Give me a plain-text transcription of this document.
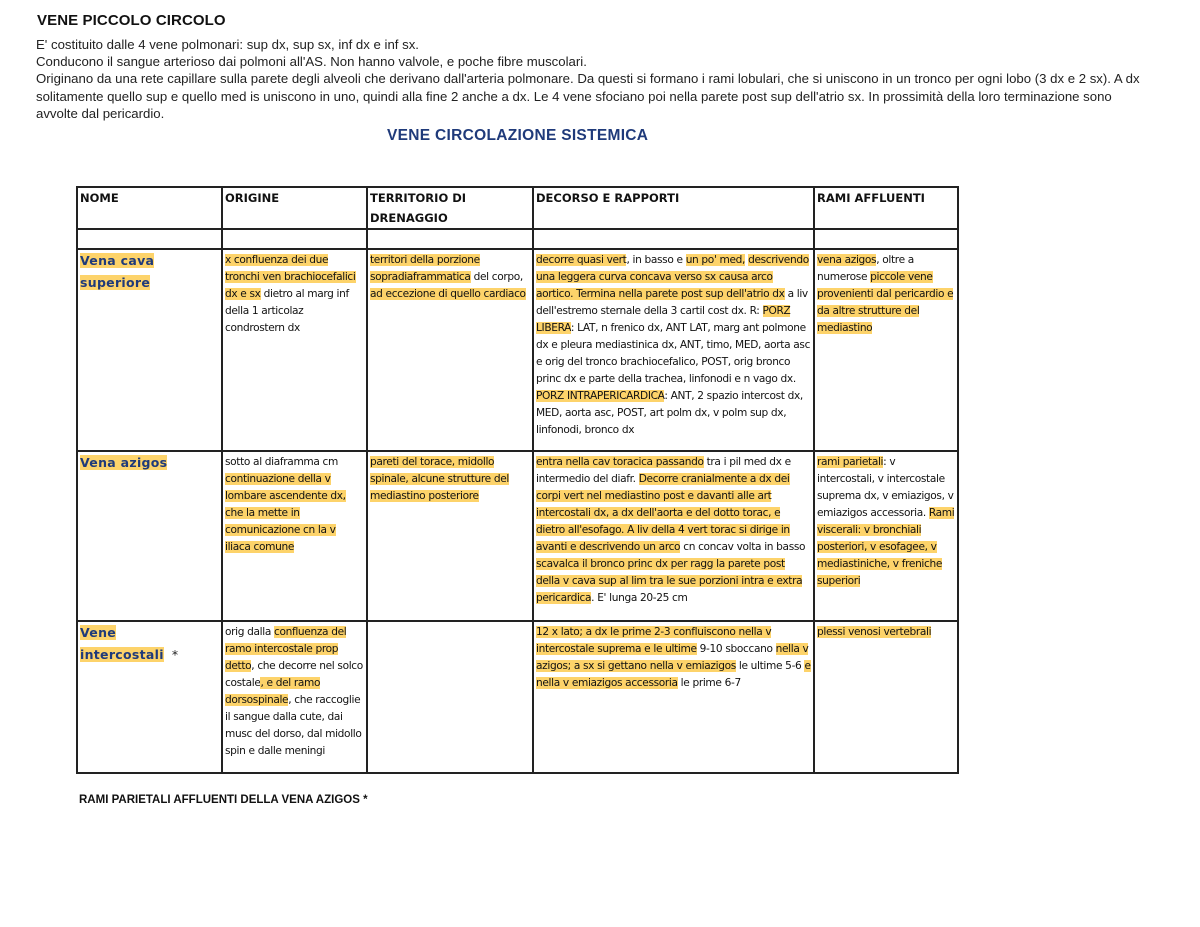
VENE PICCOLO CIRCOLO

E' costituito dalle 4 vene polmonari: sup dx, sup sx, inf dx e inf sx.

Conducono il sangue arterioso dai polmoni all'AS. Non hanno valvole, e poche fibre muscolari.

Originano da una rete capillare sulla parete degli alveoli che derivano dall'arteria polmonare. Da questi si formano i rami lobulari, che si uniscono in un tronco per ogni lobo (3 dx e 2 sx). A dx solitamente quello sup e quello med is uniscono in uno, quindi alla fine 2 anche a dx. Le 4 vene sfociano poi nella parete post sup dell'atrio sx. In prossimità della loro terminazione sono avvolte dal pericardio.

VENE CIRCOLAZIONE SISTEMICA
NOME	ORIGINE	TERRITORIO DI DRENAGGIO	DECORSO E RAPPORTI	RAMI AFFLUENTI

Vena cava superiore	x confluenza dei due tronchi ven brachiocefalici dx e sx dietro al marg inf della 1 articolaz condrostern dx	territori della porzione sopradiaframmatica del corpo, ad eccezione di quello cardiaco	decorre quasi vert, in basso e un po' med, descrivendo una leggera curva concava verso sx causa arco aortico. Termina nella parete post sup dell'atrio dx a liv dell'estremo sternale della 3 cartil cost dx. R: PORZ LIBERA: LAT, n frenico dx, ANT LAT, marg ant polmone dx e pleura mediastinica dx, ANT, timo, MED, aorta asc e orig del tronco brachiocefalico, POST, orig bronco princ dx e parte della trachea, linfonodi e n vago dx. PORZ INTRAPERICARDICA: ANT, 2 spazio intercost dx, MED, aorta asc, POST, art polm dx, v polm sup dx, linfonodi, bronco dx	vena azigos, oltre a numerose piccole vene provenienti dal pericardio e da altre strutture del mediastino
Vena azigos	sotto al diaframma cm continuazione della v lombare ascendente dx, che la mette in comunicazione cn la v iliaca comune	pareti del torace, midollo spinale, alcune strutture del mediastino posteriore	entra nella cav toracica passando tra i pil med dx e intermedio del diafr. Decorre cranialmente a dx dei corpi vert nel mediastino post e davanti alle art intercostali dx, a dx dell'aorta e del dotto torac, e dietro all'esofago. A liv della 4 vert torac si dirige in avanti e descrivendo un arco cn concav volta in basso scavalca il bronco princ dx per ragg la parete post della v cava sup al lim tra le sue porzioni intra e extra pericardica. E' lunga 20-25 cm	rami parietali: v intercostali, v intercostale suprema dx, v emiazigos, v emiazigos accessoria. Rami viscerali: v bronchiali posteriori, v esofagee, v mediastiniche, v freniche superiori
Vene intercostali *	orig dalla confluenza del ramo intercostale prop detto, che decorre nel solco costale, e del ramo dorsospinale, che raccoglie il sangue dalla cute, dai musc del dorso, dal midollo spin e dalle meningi		12 x lato; a dx le prime 2-3 confluiscono nella v intercostale suprema e le ultime 9-10 sboccano nella v azigos; a sx si gettano nella v emiazigos le ultime 5-6 e nella v emiazigos accessoria le prime 6-7	plessi venosi vertebrali
RAMI PARIETALI AFFLUENTI DELLA VENA AZIGOS *
